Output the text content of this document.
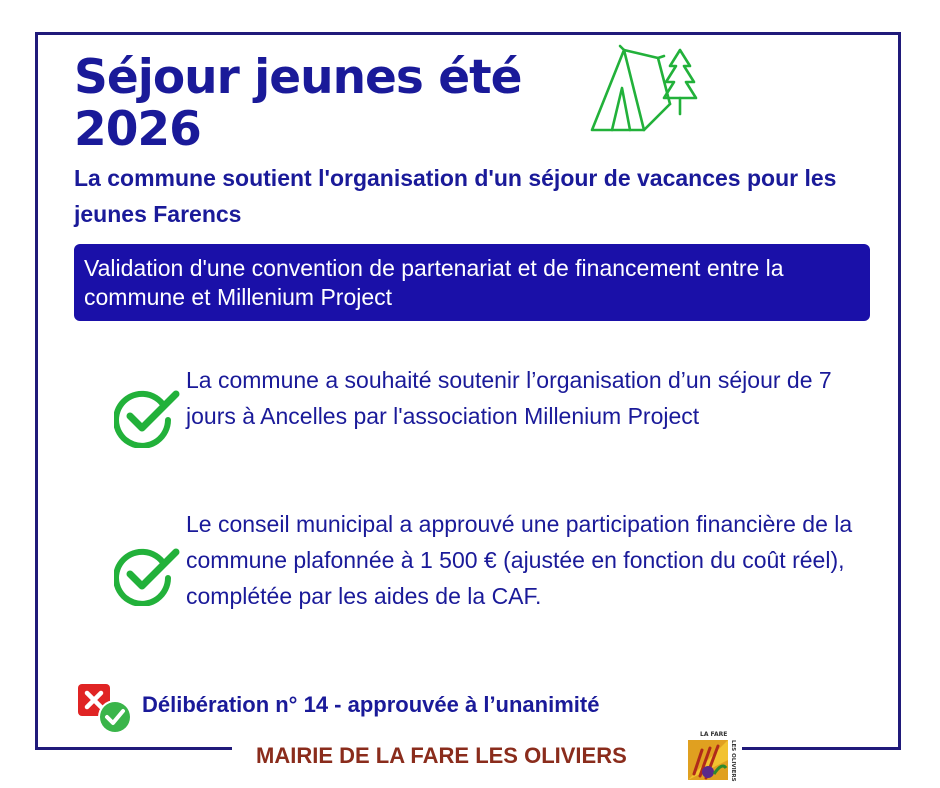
Séjour jeunes été 2026

La commune soutient l'organisation d'un séjour de vacances pour les jeunes Farencs

Validation d'une convention de partenariat et de financement entre la commune et Millenium Project

La commune a souhaité soutenir l’organisation d’un séjour de 7 jours à Ancelles par l'association Millenium Project

Le conseil municipal a approuvé une participation financière de la commune plafonnée à 1 500 € (ajustée en fonction du coût réel), complétée par les aides de la CAF.

Délibération n° 14 - approuvée à l’unanimité

MAIRIE DE LA FARE LES OLIVIERS

LA FARE
LES OLIVIERS
